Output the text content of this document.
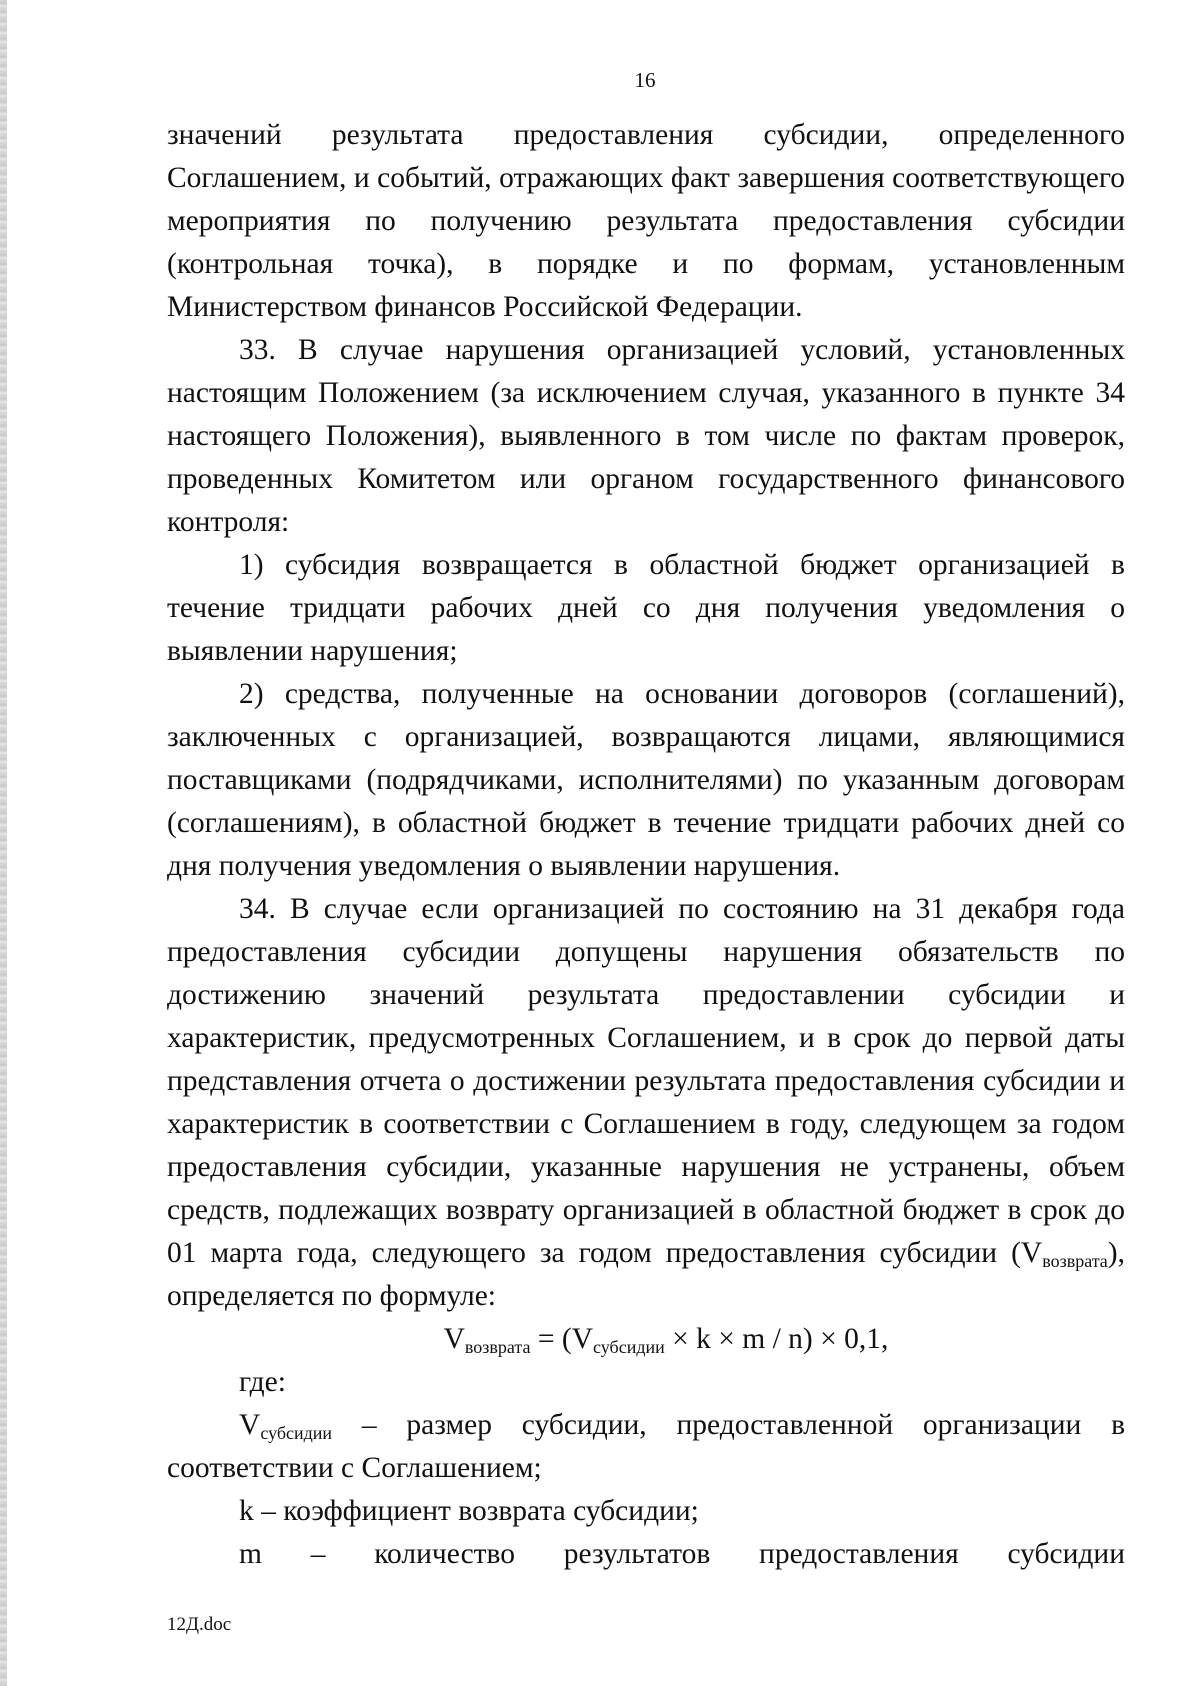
16

значений результата предоставления субсидии, определенного Соглашением, и событий, отражающих факт завершения соответствующего мероприятия по получению результата предоставления субсидии (контрольная точка), в порядке и по формам, установленным Министерством финансов Российской Федерации.

33. В случае нарушения организацией условий, установленных настоящим Положением (за исключением случая, указанного в пункте 34 настоящего Положения), выявленного в том числе по фактам проверок, проведенных Комитетом или органом государственного финансового контроля:

1) субсидия возвращается в областной бюджет организацией в течение тридцати рабочих дней со дня получения уведомления о выявлении нарушения;

2) средства, полученные на основании договоров (соглашений), заключенных с организацией, возвращаются лицами, являющимися поставщиками (подрядчиками, исполнителями) по указанным договорам (соглашениям), в областной бюджет в течение тридцати рабочих дней со дня получения уведомления о выявлении нарушения.

34. В случае если организацией по состоянию на 31 декабря года предоставления субсидии допущены нарушения обязательств по достижению значений результата предоставлении субсидии и характеристик, предусмотренных Соглашением, и в срок до первой даты представления отчета о достижении результата предоставления субсидии и характеристик в соответствии с Соглашением в году, следующем за годом предоставления субсидии, указанные нарушения не устранены, объем средств, подлежащих возврату организацией в областной бюджет в срок до 01 марта года, следующего за годом предоставления субсидии $(V_{возврата})$, определяется по формуле:

$V_{возврата} = (V_{субсидии} \times k \times m / n) \times 0,1$,

где:

$V_{субсидии}$ – размер субсидии, предоставленной организации в соответствии с Соглашением;

k – коэффициент возврата субсидии;

m – количество результатов предоставления субсидии

12Д.doc
